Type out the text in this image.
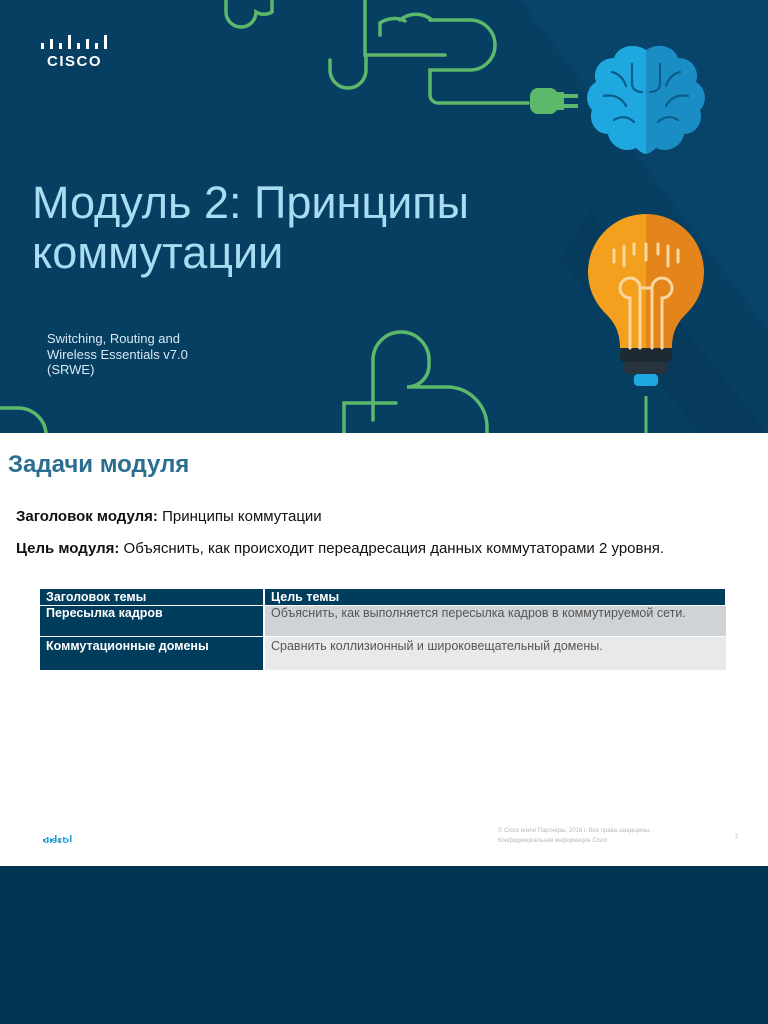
CISCO
Модуль 2: Принципы
коммутации
Switching, Routing and
Wireless Essentials v7.0
(SRWE)
Задачи модуля

Заголовок модуля: Принципы коммутации

Цель модуля: Объяснить, как происходит переадресация данных коммутаторами 2 уровня.

Заголовок темы	Цель темы
Пересылка кадров	Объяснить, как выполняется пересылка кадров в коммутируемой сети.
Коммутационные домены	Сравнить коллизионный и широковещательный домены.
CISCO
© Cisco и/или Партнеры, 2016 г. Все права защищены.
Конфиденциальная информация Cisco
2
